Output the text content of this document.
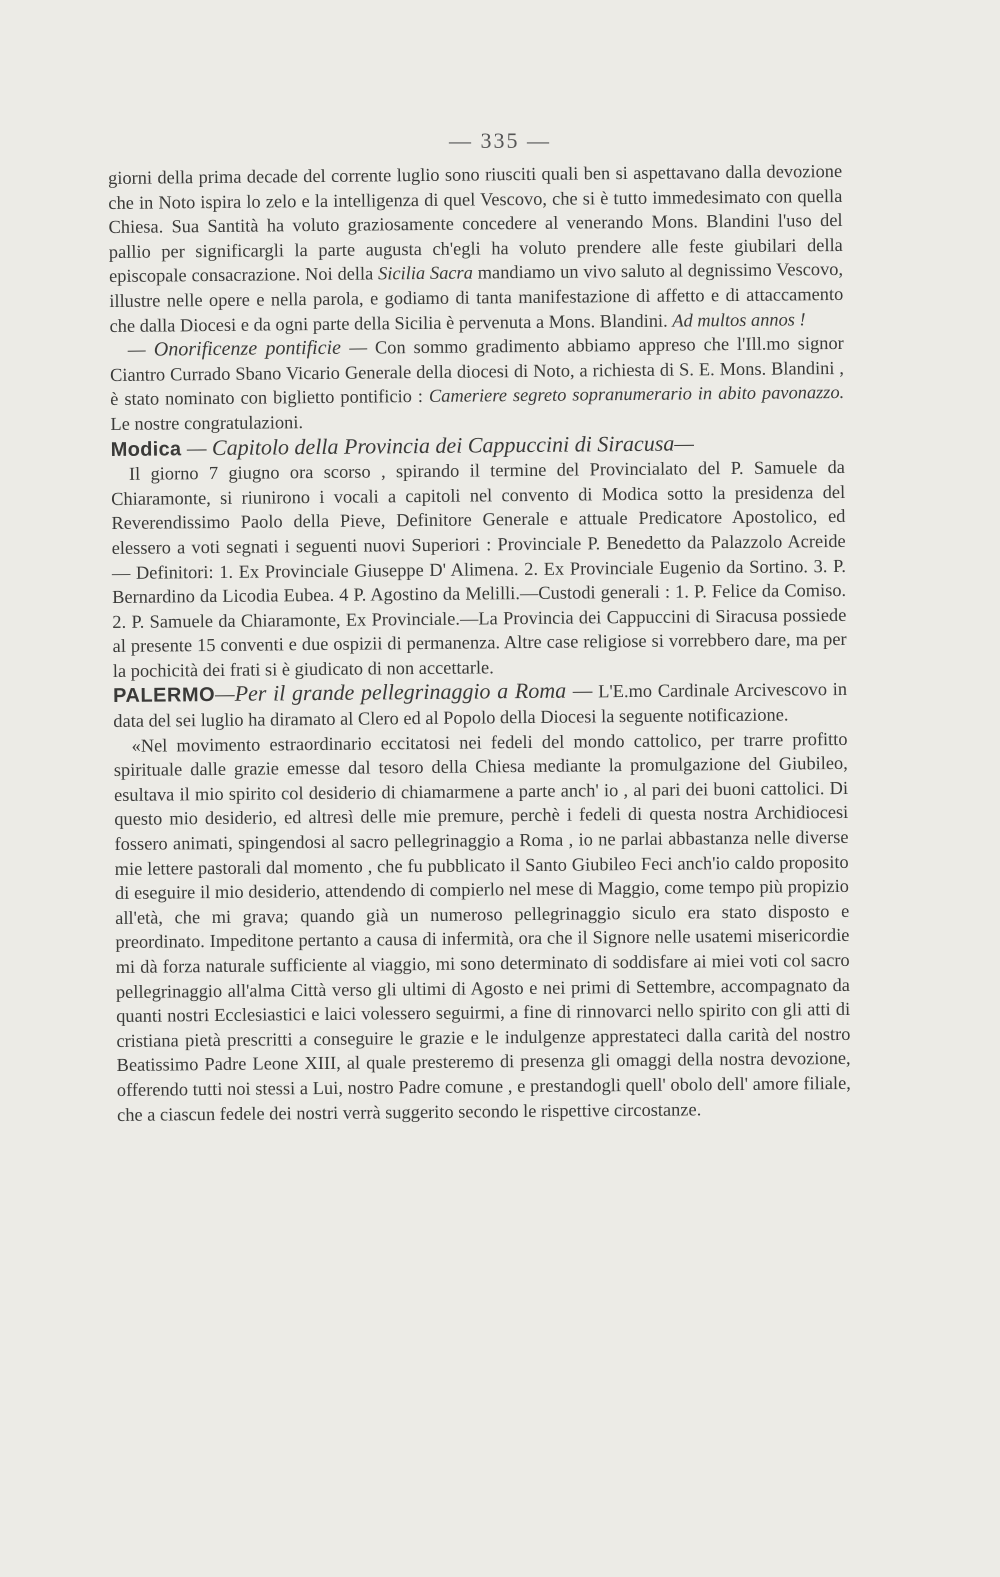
— 335 —

giorni della prima decade del corrente luglio sono riusciti quali ben si aspettavano dalla devozione che in Noto ispira lo zelo e la intelligenza di quel Vescovo, che si è tutto immedesimato con quella Chiesa. Sua Santità ha voluto graziosamente concedere al venerando Mons. Blandini l'uso del pallio per significargli la parte augusta ch'egli ha voluto prendere alle feste giubilari della episcopale consacrazione. Noi della Sicilia Sacra mandiamo un vivo saluto al degnissimo Vescovo, illustre nelle opere e nella parola, e godiamo di tanta manifestazione di affetto e di attaccamento che dalla Diocesi e da ogni parte della Sicilia è pervenuta a Mons. Blandini. Ad multos annos !

— Onorificenze pontificie — Con sommo gradimento abbiamo appreso che l'Ill.mo signor Ciantro Currado Sbano Vicario Generale della diocesi di Noto, a richiesta di S. E. Mons. Blandini , è stato nominato con biglietto pontificio : Cameriere segreto sopranumerario in abito pavonazzo. Le nostre congratulazioni.

Modica — Capitolo della Provincia dei Cappuccini di Siracusa—

Il giorno 7 giugno ora scorso , spirando il termine del Provincialato del P. Samuele da Chiaramonte, si riunirono i vocali a capitoli nel convento di Modica sotto la presidenza del Reverendissimo Paolo della Pieve, Definitore Generale e attuale Predicatore Apostolico, ed elessero a voti segnati i seguenti nuovi Superiori : Provinciale P. Benedetto da Palazzolo Acreide — Definitori: 1. Ex Provinciale Giuseppe D' Alimena. 2. Ex Provinciale Eugenio da Sortino. 3. P. Bernardino da Licodia Eubea. 4 P. Agostino da Melilli.—Custodi generali : 1. P. Felice da Comiso. 2. P. Samuele da Chiaramonte, Ex Provinciale.—La Provincia dei Cappuccini di Siracusa possiede al presente 15 conventi e due ospizii di permanenza. Altre case religiose si vorrebbero dare, ma per la pochicità dei frati si è giudicato di non accettarle.

PALERMO—Per il grande pellegrinaggio a Roma — L'E.mo Cardinale Arcivescovo in data del sei luglio ha diramato al Clero ed al Popolo della Diocesi la seguente notificazione.

«Nel movimento estraordinario eccitatosi nei fedeli del mondo cattolico, per trarre profitto spirituale dalle grazie emesse dal tesoro della Chiesa mediante la promulgazione del Giubileo, esultava il mio spirito col desiderio di chiamarmene a parte anch' io , al pari dei buoni cattolici. Di questo mio desiderio, ed altresì delle mie premure, perchè i fedeli di questa nostra Archidiocesi fossero animati, spingendosi al sacro pellegrinaggio a Roma , io ne parlai abbastanza nelle diverse mie lettere pastorali dal momento , che fu pubblicato il Santo Giubileo Feci anch'io caldo proposito di eseguire il mio desiderio, attendendo di compierlo nel mese di Maggio, come tempo più propizio all'età, che mi grava; quando già un numeroso pellegrinaggio siculo era stato disposto e preordinato. Impeditone pertanto a causa di infermità, ora che il Signore nelle usatemi misericordie mi dà forza naturale sufficiente al viaggio, mi sono determinato di soddisfare ai miei voti col sacro pellegrinaggio all'alma Città verso gli ultimi di Agosto e nei primi di Settembre, accompagnato da quanti nostri Ecclesiastici e laici volessero seguirmi, a fine di rinnovarci nello spirito con gli atti di cristiana pietà prescritti a conseguire le grazie e le indulgenze apprestateci dalla carità del nostro Beatissimo Padre Leone XIII, al quale presteremo di presenza gli omaggi della nostra devozione, offerendo tutti noi stessi a Lui, nostro Padre comune , e prestandogli quell' obolo dell' amore filiale, che a ciascun fedele dei nostri verrà suggerito secondo le rispettive circostanze.
